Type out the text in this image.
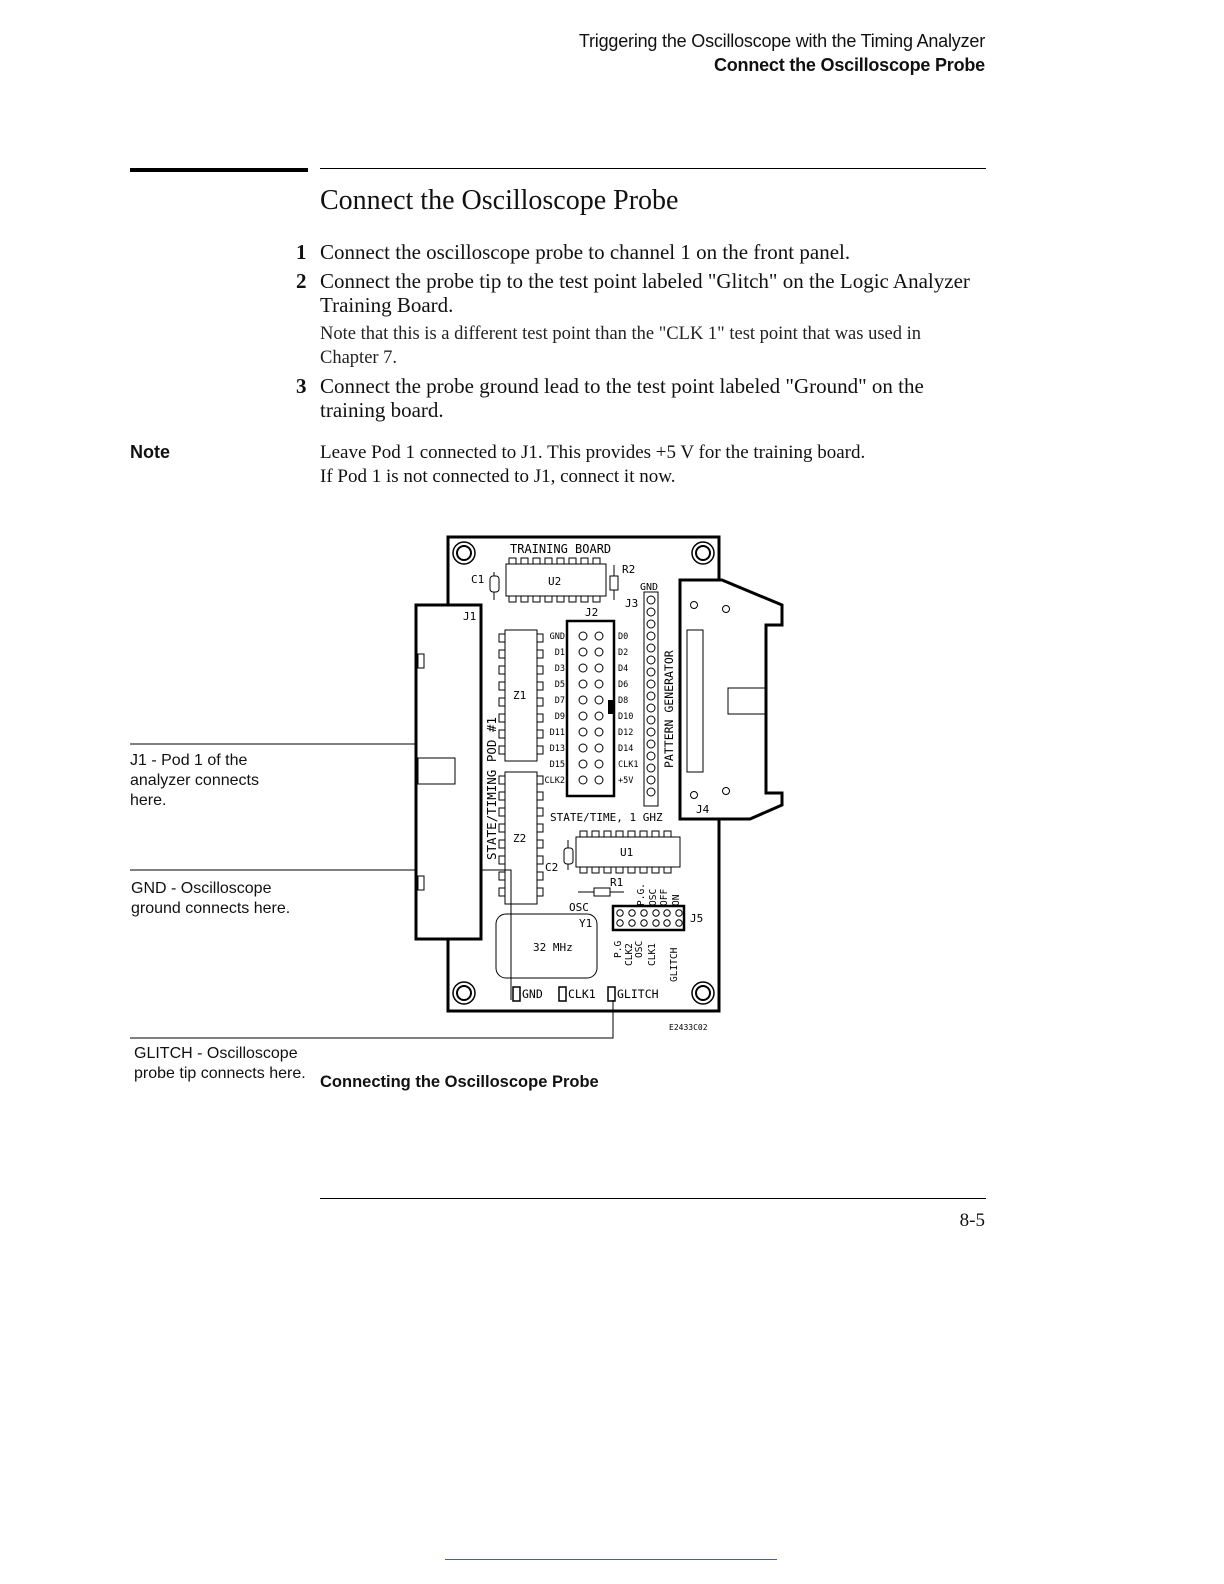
Triggering the Oscilloscope with the Timing Analyzer
Connect the Oscilloscope Probe
Connect the Oscilloscope Probe
1 Connect the oscilloscope probe to channel 1 on the front panel.
2 Connect the probe tip to the test point labeled "Glitch" on the Logic Analyzer Training Board.
Note that this is a different test point than the "CLK 1" test point that was used in Chapter 7.
3 Connect the probe ground lead to the test point labeled "Ground" on the training board.
Note	Leave Pod 1 connected to J1. This provides +5 V for the training board.
If Pod 1 is not connected to J1, connect it now.
J1 - Pod 1 of the
analyzer connects
here.
GND - Oscilloscope
ground connects here.
GLITCH - Oscilloscope
probe tip connects here.
TRAINING BOARD
J1
C1	U2
R2
GND
J3
J2
PATTERN GENERATOR
J4
STATE/TIMING POD #1
Z1
Z2
GND
D1
D3
D5
D7
D9
D11
D13
D15
CLK2
D0
D2
D4
D6
D8
D10
D12
D14
CLK1
+5V
STATE/TIME, 1 GHZ
U1
C2
R1
P.G. OSC OFF ON
OSC
J5
P.G CLK2 OSC CLK1 GLITCH
Y1
32 MHz
GND CLK1 GLITCH
E2433C02
Connecting the Oscilloscope Probe
8-5
